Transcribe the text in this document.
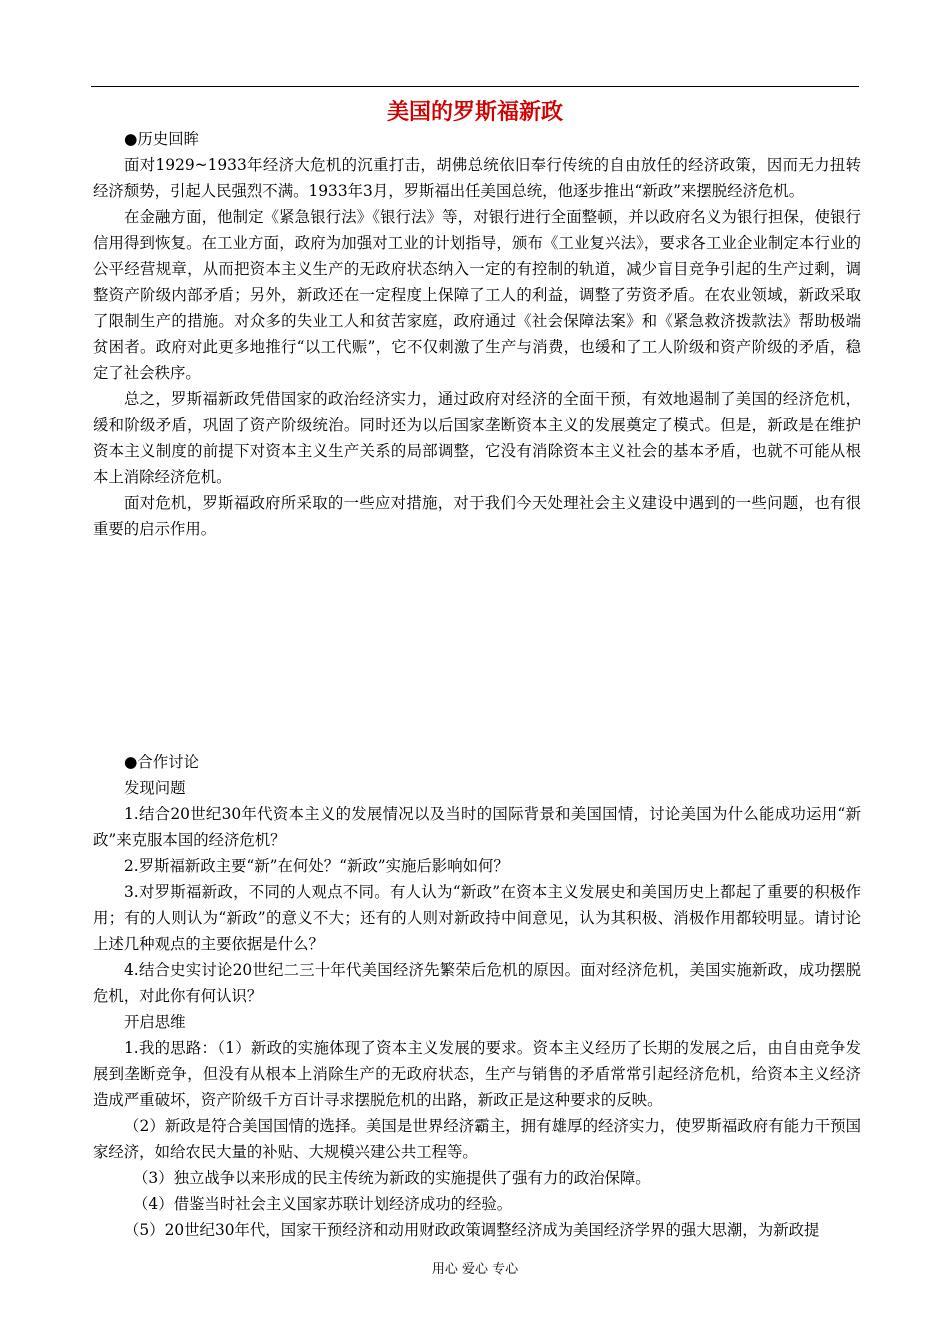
美国的罗斯福新政

●历史回眸

面对1929~1933年经济大危机的沉重打击，胡佛总统依旧奉行传统的自由放任的经济政策，因而无力扭转经济颓势，引起人民强烈不满。1933年3月，罗斯福出任美国总统，他逐步推出“新政”来摆脱经济危机。

在金融方面，他制定《紧急银行法》《银行法》等，对银行进行全面整顿，并以政府名义为银行担保，使银行信用得到恢复。在工业方面，政府为加强对工业的计划指导，颁布《工业复兴法》，要求各工业企业制定本行业的公平经营规章，从而把资本主义生产的无政府状态纳入一定的有控制的轨道，减少盲目竞争引起的生产过剩，调整资产阶级内部矛盾；另外，新政还在一定程度上保障了工人的利益，调整了劳资矛盾。在农业领域，新政采取了限制生产的措施。对众多的失业工人和贫苦家庭，政府通过《社会保障法案》和《紧急救济拨款法》帮助极端贫困者。政府对此更多地推行“以工代赈”，它不仅刺激了生产与消费，也缓和了工人阶级和资产阶级的矛盾，稳定了社会秩序。

总之，罗斯福新政凭借国家的政治经济实力，通过政府对经济的全面干预，有效地遏制了美国的经济危机，缓和阶级矛盾，巩固了资产阶级统治。同时还为以后国家垄断资本主义的发展奠定了模式。但是，新政是在维护资本主义制度的前提下对资本主义生产关系的局部调整，它没有消除资本主义社会的基本矛盾，也就不可能从根本上消除经济危机。

面对危机，罗斯福政府所采取的一些应对措施，对于我们今天处理社会主义建设中遇到的一些问题，也有很重要的启示作用。

●合作讨论

发现问题

1.结合20世纪30年代资本主义的发展情况以及当时的国际背景和美国国情，讨论美国为什么能成功运用“新政”来克服本国的经济危机？

2.罗斯福新政主要“新”在何处？“新政”实施后影响如何？

3.对罗斯福新政，不同的人观点不同。有人认为“新政”在资本主义发展史和美国历史上都起了重要的积极作用；有的人则认为“新政”的意义不大；还有的人则对新政持中间意见，认为其积极、消极作用都较明显。请讨论上述几种观点的主要依据是什么？

4.结合史实讨论20世纪二三十年代美国经济先繁荣后危机的原因。面对经济危机，美国实施新政，成功摆脱危机，对此你有何认识？

开启思维

1.我的思路：（1）新政的实施体现了资本主义发展的要求。资本主义经历了长期的发展之后，由自由竞争发展到垄断竞争，但没有从根本上消除生产的无政府状态，生产与销售的矛盾常常引起经济危机，给资本主义经济造成严重破坏，资产阶级千方百计寻求摆脱危机的出路，新政正是这种要求的反映。

（2）新政是符合美国国情的选择。美国是世界经济霸主，拥有雄厚的经济实力，使罗斯福政府有能力干预国家经济，如给农民大量的补贴、大规模兴建公共工程等。

（3）独立战争以来形成的民主传统为新政的实施提供了强有力的政治保障。

（4）借鉴当时社会主义国家苏联计划经济成功的经验。

（5）20世纪30年代，国家干预经济和动用财政政策调整经济成为美国经济学界的强大思潮，为新政提

用心 爱心 专心
